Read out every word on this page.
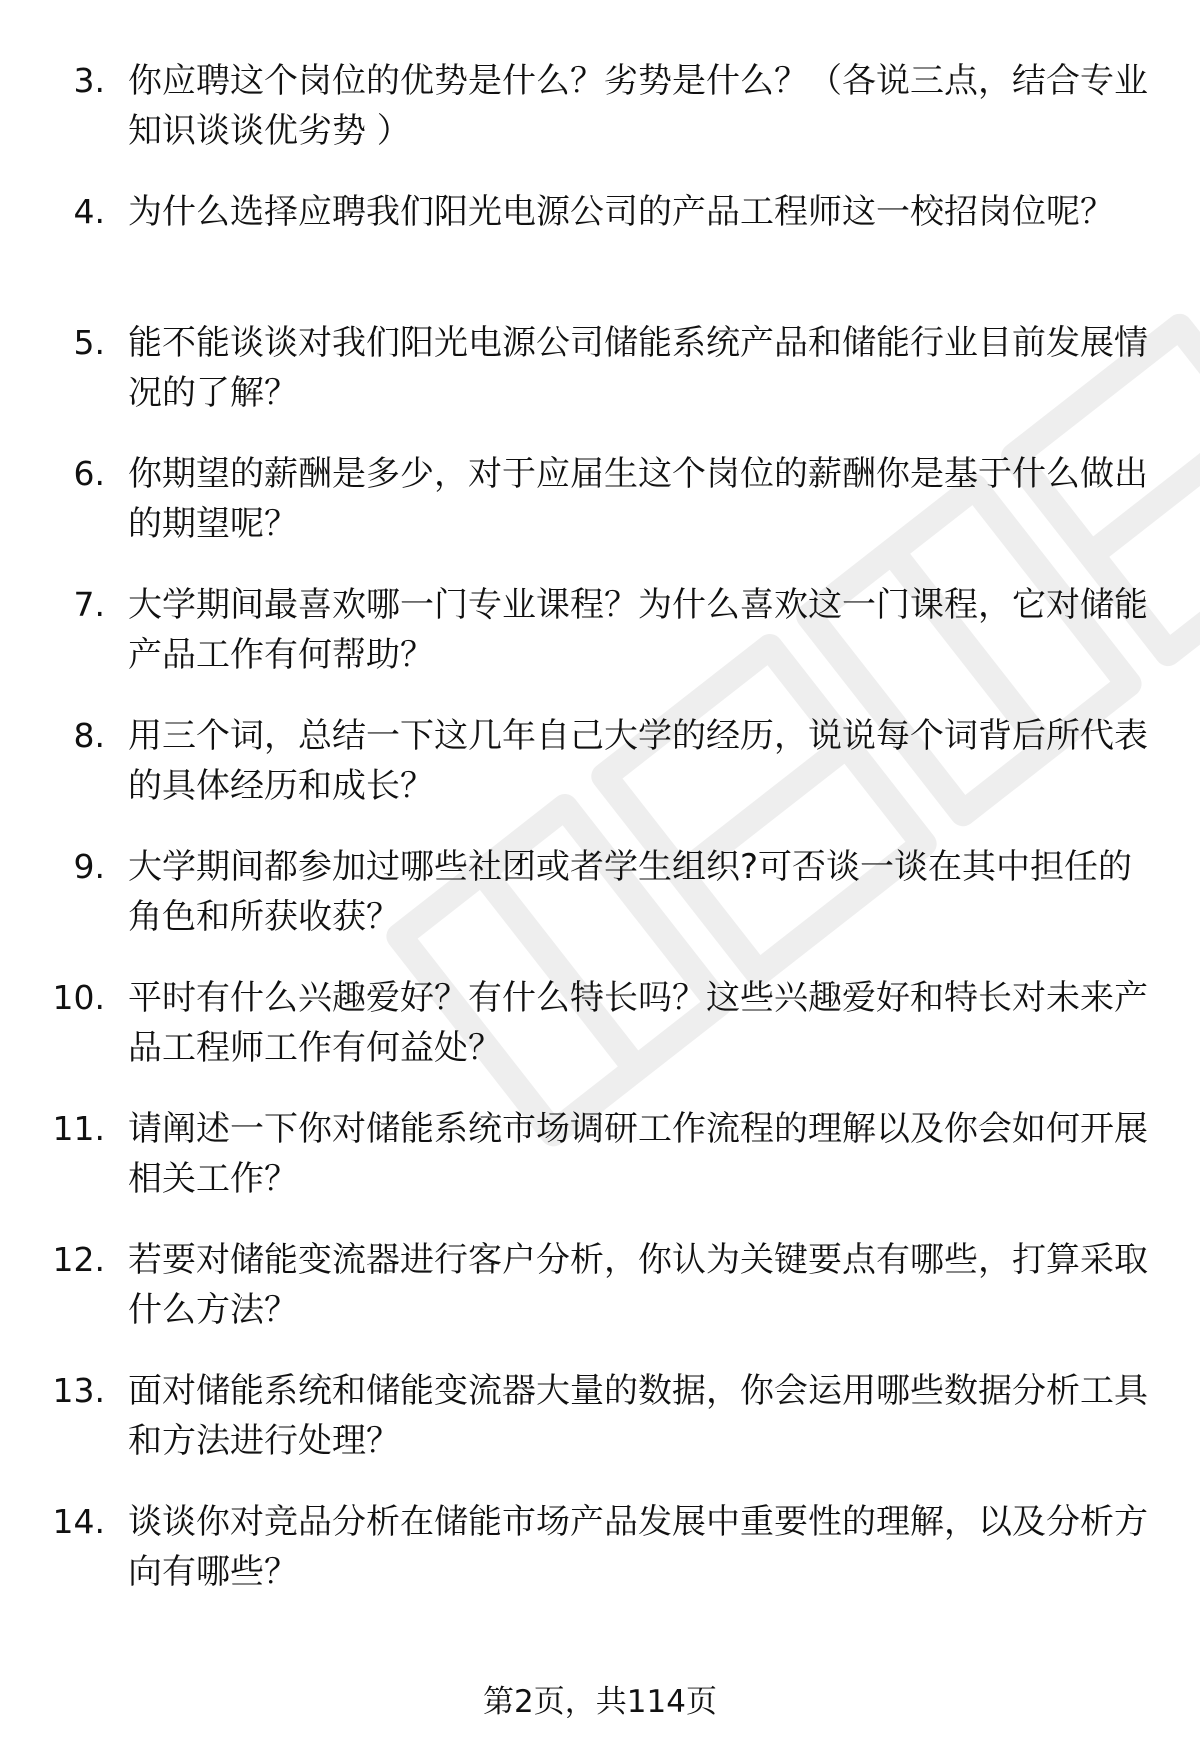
3. 你应聘这个岗位的优势是什么？劣势是什么？（各说三点，结合专业知识谈谈优劣势 ）

4. 为什么选择应聘我们阳光电源公司的产品工程师这一校招岗位呢？

5. 能不能谈谈对我们阳光电源公司储能系统产品和储能行业目前发展情况的了解？

6. 你期望的薪酬是多少，对于应届生这个岗位的薪酬你是基于什么做出的期望呢？

7. 大学期间最喜欢哪一门专业课程？为什么喜欢这一门课程，它对储能产品工作有何帮助？

8. 用三个词，总结一下这几年自己大学的经历，说说每个词背后所代表的具体经历和成长？

9. 大学期间都参加过哪些社团或者学生组织?可否谈一谈在其中担任的角色和所获收获？

10. 平时有什么兴趣爱好？有什么特长吗？这些兴趣爱好和特长对未来产品工程师工作有何益处？

11. 请阐述一下你对储能系统市场调研工作流程的理解以及你会如何开展相关工作？

12. 若要对储能变流器进行客户分析，你认为关键要点有哪些，打算采取什么方法？

13. 面对储能系统和储能变流器大量的数据，你会运用哪些数据分析工具和方法进行处理？

14. 谈谈你对竞品分析在储能市场产品发展中重要性的理解，以及分析方向有哪些？

第2页，共114页
